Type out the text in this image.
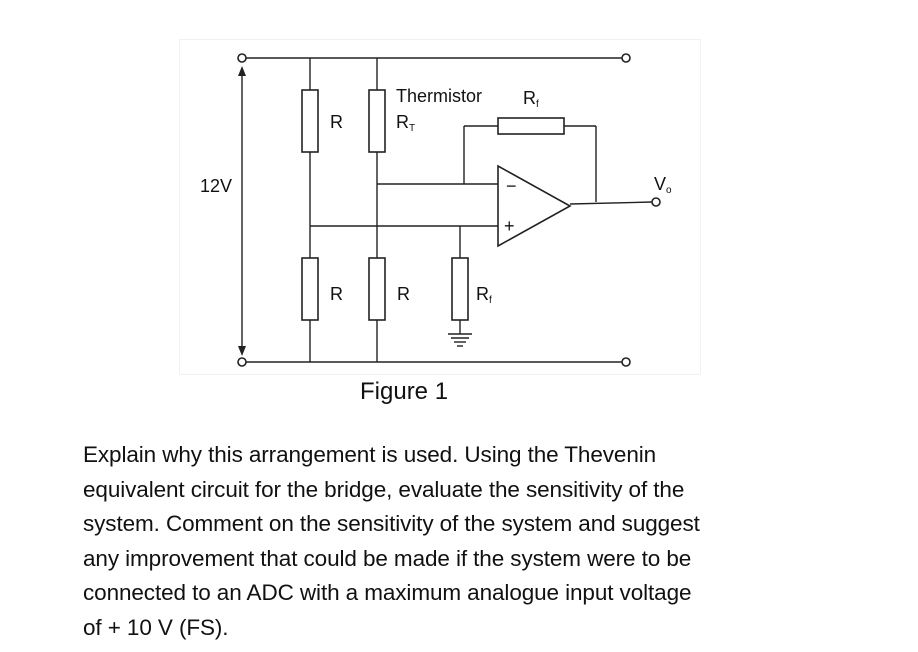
12V
R
R
Thermistor
RT
R
−
+
Rf
Vo
Rf
Figure 1
Explain why this arrangement is used. Using the Thevenin
equivalent circuit for the bridge, evaluate the sensitivity of the
system. Comment on the sensitivity of the system and suggest
any improvement that could be made if the system were to be
connected to an ADC with a maximum analogue input voltage
of + 10 V (FS).
